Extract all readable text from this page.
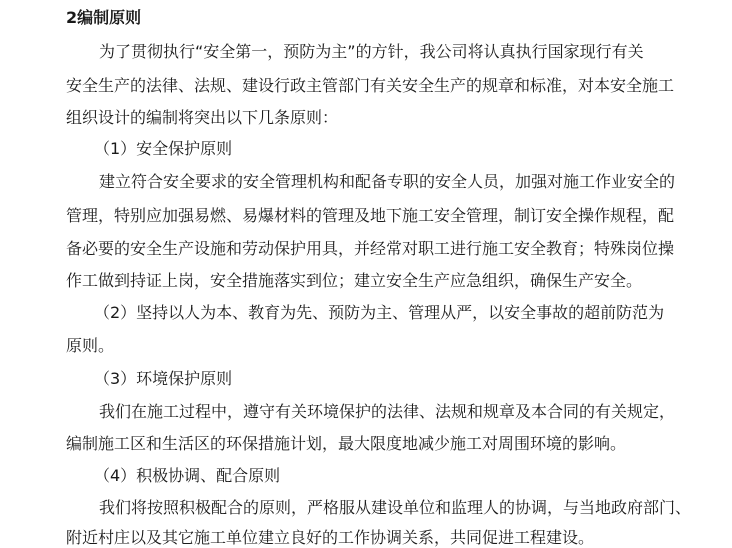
2编制原则
为了贯彻执行“安全第一，预防为主”的方针，我公司将认真执行国家现行有关
安全生产的法律、法规、建设行政主管部门有关安全生产的规章和标准，对本安全施工
组织设计的编制将突出以下几条原则：
（1）安全保护原则
建立符合安全要求的安全管理机构和配备专职的安全人员，加强对施工作业安全的
管理，特别应加强易燃、易爆材料的管理及地下施工安全管理，制订安全操作规程，配
备必要的安全生产设施和劳动保护用具，并经常对职工进行施工安全教育；特殊岗位操
作工做到持证上岗，安全措施落实到位；建立安全生产应急组织，确保生产安全。
（2）坚持以人为本、教育为先、预防为主、管理从严，以安全事故的超前防范为
原则。
（3）环境保护原则
我们在施工过程中，遵守有关环境保护的法律、法规和规章及本合同的有关规定，
编制施工区和生活区的环保措施计划，最大限度地减少施工对周围环境的影响。
（4）积极协调、配合原则
我们将按照积极配合的原则，严格服从建设单位和监理人的协调，与当地政府部门、
附近村庄以及其它施工单位建立良好的工作协调关系，共同促进工程建设。
